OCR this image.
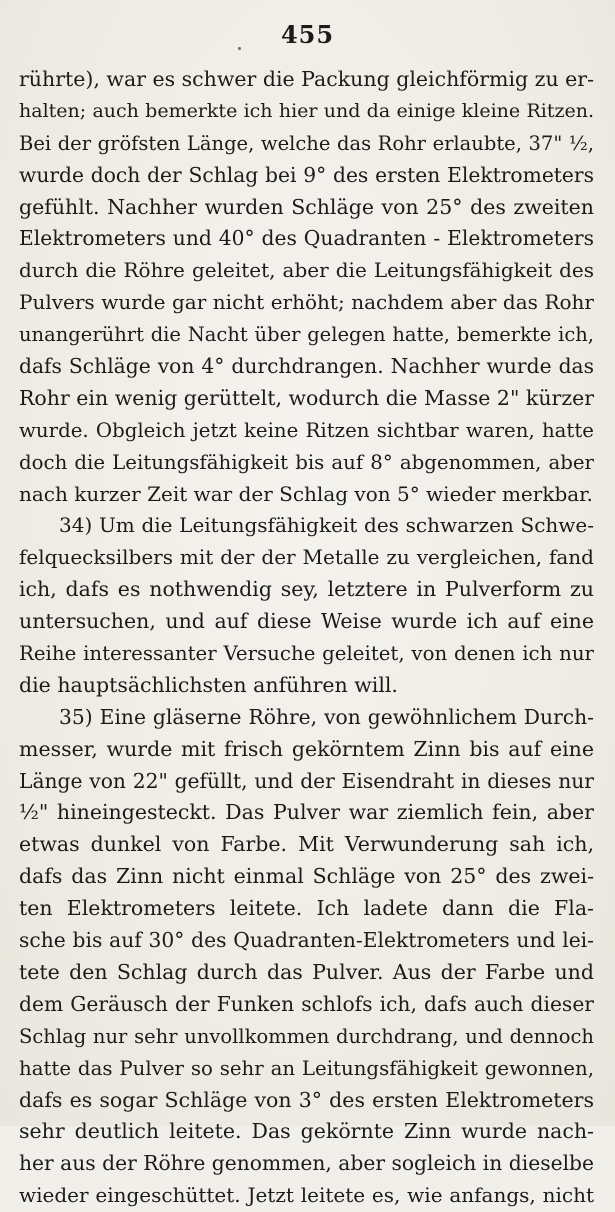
455
rührte), war es schwer die Packung gleichförmig zu er-
halten; auch bemerkte ich hier und da einige kleine Ritzen.
Bei der gröfsten Länge, welche das Rohr erlaubte, 37" ½,
wurde doch der Schlag bei 9° des ersten Elektrometers
gefühlt. Nachher wurden Schläge von 25° des zweiten
Elektrometers und 40° des Quadranten - Elektrometers
durch die Röhre geleitet, aber die Leitungsfähigkeit des
Pulvers wurde gar nicht erhöht; nachdem aber das Rohr
unangerührt die Nacht über gelegen hatte, bemerkte ich,
dafs Schläge von 4° durchdrangen. Nachher wurde das
Rohr ein wenig gerüttelt, wodurch die Masse 2" kürzer
wurde. Obgleich jetzt keine Ritzen sichtbar waren, hatte
doch die Leitungsfähigkeit bis auf 8° abgenommen, aber
nach kurzer Zeit war der Schlag von 5° wieder merkbar.
34) Um die Leitungsfähigkeit des schwarzen Schwe-
felquecksilbers mit der der Metalle zu vergleichen, fand
ich, dafs es nothwendig sey, letztere in Pulverform zu
untersuchen, und auf diese Weise wurde ich auf eine
Reihe interessanter Versuche geleitet, von denen ich nur
die hauptsächlichsten anführen will.
35) Eine gläserne Röhre, von gewöhnlichem Durch-
messer, wurde mit frisch gekörntem Zinn bis auf eine
Länge von 22" gefüllt, und der Eisendraht in dieses nur
½" hineingesteckt. Das Pulver war ziemlich fein, aber
etwas dunkel von Farbe. Mit Verwunderung sah ich,
dafs das Zinn nicht einmal Schläge von 25° des zwei-
ten Elektrometers leitete. Ich ladete dann die Fla-
sche bis auf 30° des Quadranten-Elektrometers und lei-
tete den Schlag durch das Pulver. Aus der Farbe und
dem Geräusch der Funken schlofs ich, dafs auch dieser
Schlag nur sehr unvollkommen durchdrang, und dennoch
hatte das Pulver so sehr an Leitungsfähigkeit gewonnen,
dafs es sogar Schläge von 3° des ersten Elektrometers
sehr deutlich leitete. Das gekörnte Zinn wurde nach-
her aus der Röhre genommen, aber sogleich in dieselbe
wieder eingeschüttet. Jetzt leitete es, wie anfangs, nicht
